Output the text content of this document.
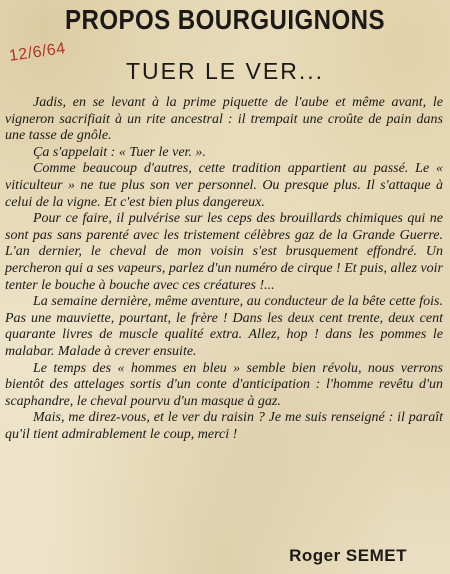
PROPOS BOURGUIGNONS
12/6/64
TUER LE VER...

Jadis, en se levant à la prime piquette de l'aube et même avant, le vigneron sacrifiait à un rite ancestral : il trempait une croûte de pain dans une tasse de gnôle.

Ça s'appelait : « Tuer le ver. ».

Comme beaucoup d'autres, cette tradition appartient au passé. Le « viticulteur » ne tue plus son ver personnel. Ou presque plus. Il s'attaque à celui de la vigne. Et c'est bien plus dangereux.

Pour ce faire, il pulvérise sur les ceps des brouillards chimiques qui ne sont pas sans parenté avec les tristement célèbres gaz de la Grande Guerre. L'an dernier, le cheval de mon voisin s'est brusquement effondré. Un percheron qui a ses vapeurs, parlez d'un numéro de cirque ! Et puis, allez voir tenter le bouche à bouche avec ces créatures !...

La semaine dernière, même aventure, au conducteur de la bête cette fois. Pas une mauviette, pourtant, le frère ! Dans les deux cent trente, deux cent quarante livres de muscle qualité extra. Allez, hop ! dans les pommes le malabar. Malade à crever ensuite.

Le temps des « hommes en bleu » semble bien révolu, nous verrons bientôt des attelages sortis d'un conte d'anticipation : l'homme revêtu d'un scaphandre, le cheval pourvu d'un masque à gaz.

Mais, me direz-vous, et le ver du raisin ? Je me suis renseigné : il paraît qu'il tient admirablement le coup, merci !

Roger SEMET
